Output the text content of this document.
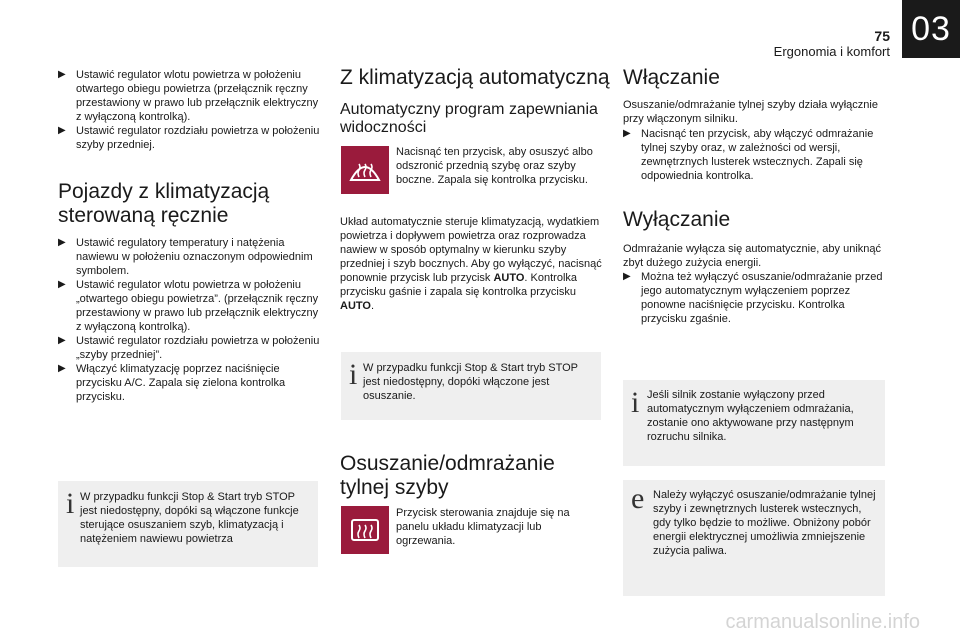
75
Ergonomia i komfort
03
▶ Ustawić regulator wlotu powietrza w położeniu otwartego obiegu powietrza (przełącznik ręczny przestawiony w prawo lub przełącznik elektryczny z wyłączoną kontrolką).
▶ Ustawić regulator rozdziału powietrza w położeniu szyby przedniej.
Pojazdy z klimatyzacją sterowaną ręcznie
▶ Ustawić regulatory temperatury i natężenia nawiewu w położeniu oznaczonym odpowiednim symbolem.
▶ Ustawić regulator wlotu powietrza w położeniu „otwartego obiegu powietrza”. (przełącznik ręczny przestawiony w prawo lub przełącznik elektryczny z wyłączoną kontrolką).
▶ Ustawić regulator rozdziału powietrza w położeniu „szyby przedniej”.
▶ Włączyć klimatyzację poprzez naciśnięcie przycisku A/C. Zapala się zielona kontrolka przycisku.
i W przypadku funkcji Stop & Start tryb STOP jest niedostępny, dopóki są włączone funkcje sterujące osuszaniem szyb, klimatyzacją i natężeniem nawiewu powietrza
Z klimatyzacją automatyczną
Automatyczny program zapewniania widoczności
Nacisnąć ten przycisk, aby osuszyć albo odszronić przednią szybę oraz szyby boczne. Zapala się kontrolka przycisku.
Układ automatycznie steruje klimatyzacją, wydatkiem powietrza i dopływem powietrza oraz rozprowadza nawiew w sposób optymalny w kierunku szyby przedniej i szyb bocznych. Aby go wyłączyć, nacisnąć ponownie przycisk lub przycisk AUTO. Kontrolka przycisku gaśnie i zapala się kontrolka przycisku AUTO.
Osuszanie/odmrażanie tylnej szyby
Przycisk sterowania znajduje się na panelu układu klimatyzacji lub ogrzewania.
i W przypadku funkcji Stop & Start tryb STOP jest niedostępny, dopóki włączone jest osuszanie.
Włączanie
Osuszanie/odmrażanie tylnej szyby działa wyłącznie przy włączonym silniku.
▶ Nacisnąć ten przycisk, aby włączyć odmrażanie tylnej szyby oraz, w zależności od wersji, zewnętrznych lusterek wstecznych. Zapali się odpowiednia kontrolka.
Wyłączanie
Odmrażanie wyłącza się automatycznie, aby uniknąć zbyt dużego zużycia energii.
▶ Można też wyłączyć osuszanie/odmrażanie przed jego automatycznym wyłączeniem poprzez ponowne naciśnięcie przycisku. Kontrolka przycisku zgaśnie.
i Jeśli silnik zostanie wyłączony przed automatycznym wyłączeniem odmrażania, zostanie ono aktywowane przy następnym rozruchu silnika.
e Należy wyłączyć osuszanie/odmrażanie tylnej szyby i zewnętrznych lusterek wstecznych, gdy tylko będzie to możliwe. Obniżony pobór energii elektrycznej umożliwia zmniejszenie zużycia paliwa.
carmanualsonline.info
